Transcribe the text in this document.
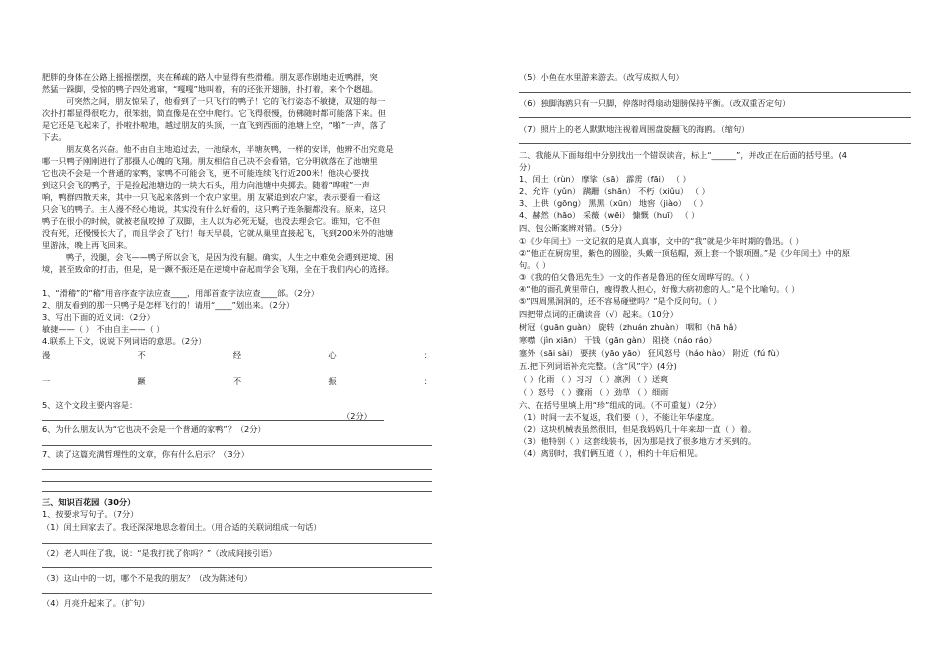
肥胖的身体在公路上摇摇摆摆，夹在稀疏的路人中显得有些滑稽。朋友恶作剧地走近鸭群，突
然猛一跺脚，受惊的鸭子四处逃窜，“嘎嘎”地叫着，有的还张开翅膀，扑打着，来个个趔趄。
可突然之间，朋友惊呆了，他看到了一只飞行的鸭子！它的飞行姿态不敏捷，双翅的每一
次扑打都显得很吃力，很笨拙，简直像是在空中爬行。它飞得很慢，仿佛随时都可能落下来。但
是它还是飞起来了，扑啦扑啦地，越过朋友的头顶，一直飞到西面的池塘上空，“啪”一声，落了
下去。
朋友莫名兴奋。他不由自主地追过去，一池绿水，半塘灰鸭，一样的安详，他辨不出究竟是
哪一只鸭子刚刚进行了那摄人心魄的飞翔。朋友相信自己决不会看错，它分明就落在了池塘里
它也决不会是一个普通的家鸭，家鸭不可能会飞，更不可能连续飞行近200米！他决心要找
到这只会飞的鸭子，于是捡起池塘边的一块大石头，用力向池塘中央掷去。随着“哗啦”一声
响，鸭群四散天来，其中一只飞起来落到一个农户家里。朋 友紧追到农户家，表示要看一看这
只会飞的鸭子。主人漫不经心地说，其实没有什么好看的，这只鸭子连条腿都没有。原来，这只
鸭子在很小的时候，就被老鼠咬掉 了双脚，主人以为必死无疑，也没去理会它。谁知，它不但
没有死，还慢慢长大了，而且学会了飞行！每天早晨，它就从巢里直接起飞，飞到200米外的池塘
里游泳，晚上再飞回来。
鸭子，没腿，会飞——鸭子所以会飞，是因为没有腿。确实，人生之中难免会遇到逆境、困
境，甚至致命的打击，但是，是一蹶不振还是在逆境中奋起而学会飞翔，全在于我们内心的选择。
1、“滑稽”的“稽”用音序查字法应查____，用部首查字法应查____部。（2分）
2、朋友看到的那一只鸭子是怎样飞行的！请用“____”划出来。（2分）
3、写出下面的近义词：（2分）
敏捷——（ ） 不由自主——（ ）
4.联系上下文，说说下列词语的意思。（2分）
漫	不	经	心	：
一	蹶	不	振	：
5、这个文段主要内容是：
（2分）
6、为什么朋友认为“它也决不会是一个普通的家鸭”？（2分）
7、读了这篇充满哲理性的文章，你有什么启示？（3分）
三、知识百花园（30分）
1、按要求写句子。（7分）
（1）闰土回家去了。我还深深地思念着闰土。（用合适的关联词组成一句话）
（2）老人叫住了我，说：“是我打扰了你吗？”（改成间接引语）
（3）这山中的一切，哪个不是我的朋友？（改为陈述句）
（4）月亮升起来了。（扩句）
（5）小鱼在水里游来游去。（改写成拟人句）
（6）独脚海鸥只有一只脚，停落时得扇动翅膀保持平衡。（改双重否定句）
（7）照片上的老人默默地注视着周围盘旋翻飞的海鸥。（缩句）
二、我能从下面每组中分别找出一个错误读音，标上“______”，并改正在后面的括号里。(4
分）
1、闰土（rùn） 摩挲（sā） 霹雳（fāi） （ ）
2、允许（yǔn） 蹒跚（shān） 不朽（xiǔu） （ ）
3、上供（gōng） 黑黑（xūn） 地窖（jiào） （ ）
4、赫然（hāo） 采薇（wēi） 慷慨（huī） （ ）
四、包公断案辨对错。（5分）
①《少年闰土》一文记叙的是真人真事，文中的“我”就是少年时期的鲁迅。（ ）
②“他正在厨房里，紫色的圆脸，头戴一顶毡帽，颈上套一个银项圈。”是《少年闰土》中的原
句。（ ）
③《我的伯父鲁迅先生》一文的作者是鲁迅的侄女周晔写的。（ ）
④“他的面孔黄里带白，瘦得教人担心，好像大病初愈的人。”是个比喻句。（ ）
⑤“四周黑洞洞的，还不容易碰壁吗？”是个反问句。（ ）
四把带点词的正确读音（√）起来。（10分）
树冠（guān guàn） 旋转（zhuán zhuàn） 咽和（hā hǎ）
寒噤（jìn xiān） 干钱（gān gàn） 阻挠（náo ráo）
塞外（sāi sài） 要挟（yāo yāo） 狂风怒号（háo hào） 附近（fú fù）
五.把下列词语补充完整。（含“风”字）(4分)
（ ）化雨 （ ）习习 （ ）凛冽 （ ）送爽
（ ）怒号 （ ）骤雨 （ ）劲草 （ ）细雨
六、在括号里填上用“珍”组成的词。（不可重复）（2分）
（1）时间一去不复返，我们要（ ），不能让年华虚度。
（2）这块机械表虽然很旧，但是我妈妈几十年来却一直（ ）着。
（3）他特别（ ）这套线装书，因为那是找了很多地方才买到的。
（4）离别时，我们俩互道（ ），相约十年后相见。
